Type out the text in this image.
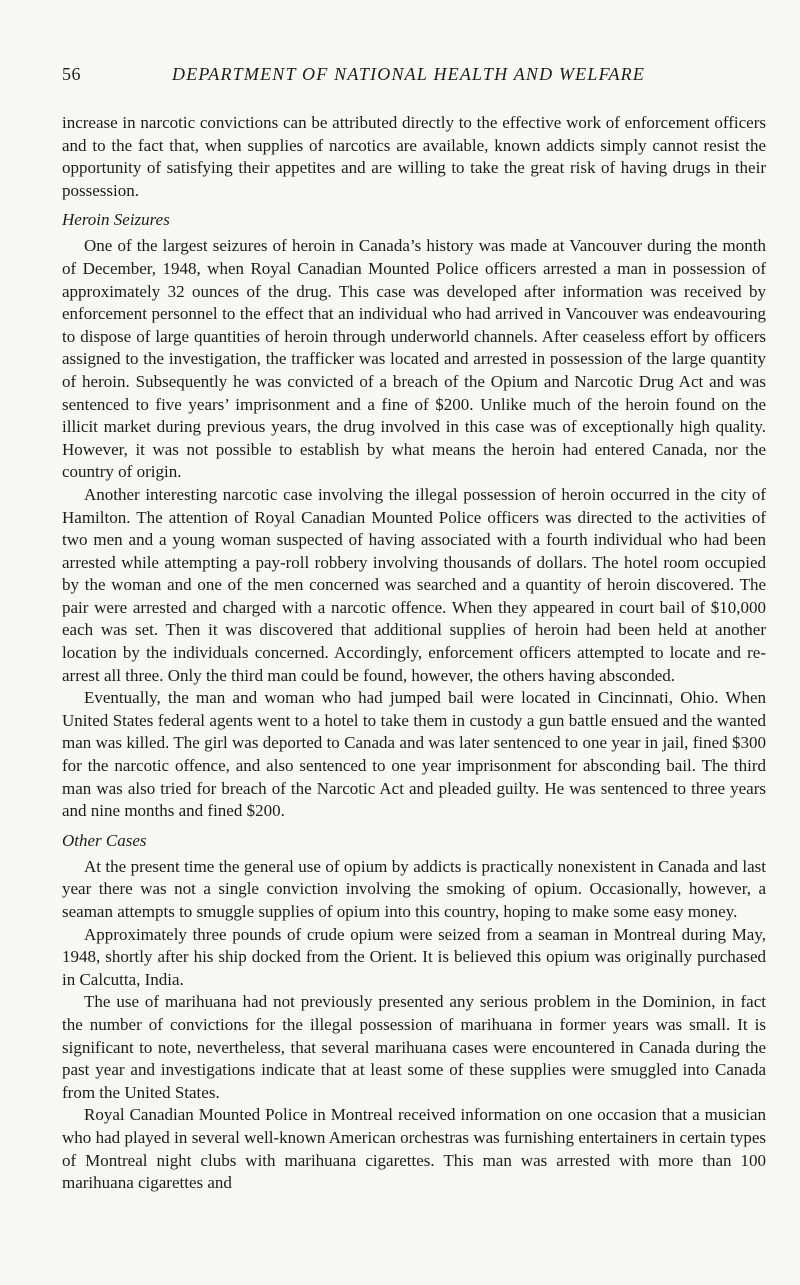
56	DEPARTMENT OF NATIONAL HEALTH AND WELFARE

increase in narcotic convictions can be attributed directly to the effective work of enforcement officers and to the fact that, when supplies of narcotics are available, known addicts simply cannot resist the opportunity of satisfying their appetites and are willing to take the great risk of having drugs in their possession.

Heroin Seizures

One of the largest seizures of heroin in Canada’s history was made at Vancouver during the month of December, 1948, when Royal Canadian Mounted Police officers arrested a man in possession of approximately 32 ounces of the drug. This case was developed after information was received by enforcement personnel to the effect that an individual who had arrived in Vancouver was endeavouring to dispose of large quantities of heroin through underworld channels. After ceaseless effort by officers assigned to the investigation, the trafficker was located and arrested in possession of the large quantity of heroin. Subsequently he was convicted of a breach of the Opium and Narcotic Drug Act and was sentenced to five years’ imprisonment and a fine of $200. Unlike much of the heroin found on the illicit market during previous years, the drug involved in this case was of exceptionally high quality. However, it was not possible to establish by what means the heroin had entered Canada, nor the country of origin.

Another interesting narcotic case involving the illegal possession of heroin occurred in the city of Hamilton. The attention of Royal Canadian Mounted Police officers was directed to the activities of two men and a young woman suspected of having associated with a fourth individual who had been arrested while attempting a pay-roll robbery involving thousands of dollars. The hotel room occupied by the woman and one of the men concerned was searched and a quantity of heroin discovered. The pair were arrested and charged with a narcotic offence. When they appeared in court bail of $10,000 each was set. Then it was discovered that additional supplies of heroin had been held at another location by the individuals concerned. Accordingly, enforcement officers attempted to locate and re-arrest all three. Only the third man could be found, however, the others having absconded.

Eventually, the man and woman who had jumped bail were located in Cincinnati, Ohio. When United States federal agents went to a hotel to take them in custody a gun battle ensued and the wanted man was killed. The girl was deported to Canada and was later sentenced to one year in jail, fined $300 for the narcotic offence, and also sentenced to one year imprisonment for absconding bail. The third man was also tried for breach of the Narcotic Act and pleaded guilty. He was sentenced to three years and nine months and fined $200.

Other Cases

At the present time the general use of opium by addicts is practically nonexistent in Canada and last year there was not a single conviction involving the smoking of opium. Occasionally, however, a seaman attempts to smuggle supplies of opium into this country, hoping to make some easy money.

Approximately three pounds of crude opium were seized from a seaman in Montreal during May, 1948, shortly after his ship docked from the Orient. It is believed this opium was originally purchased in Calcutta, India.

The use of marihuana had not previously presented any serious problem in the Dominion, in fact the number of convictions for the illegal possession of marihuana in former years was small. It is significant to note, nevertheless, that several marihuana cases were encountered in Canada during the past year and investigations indicate that at least some of these supplies were smuggled into Canada from the United States.

Royal Canadian Mounted Police in Montreal received information on one occasion that a musician who had played in several well-known American orchestras was furnishing entertainers in certain types of Montreal night clubs with marihuana cigarettes. This man was arrested with more than 100 marihuana cigarettes and
